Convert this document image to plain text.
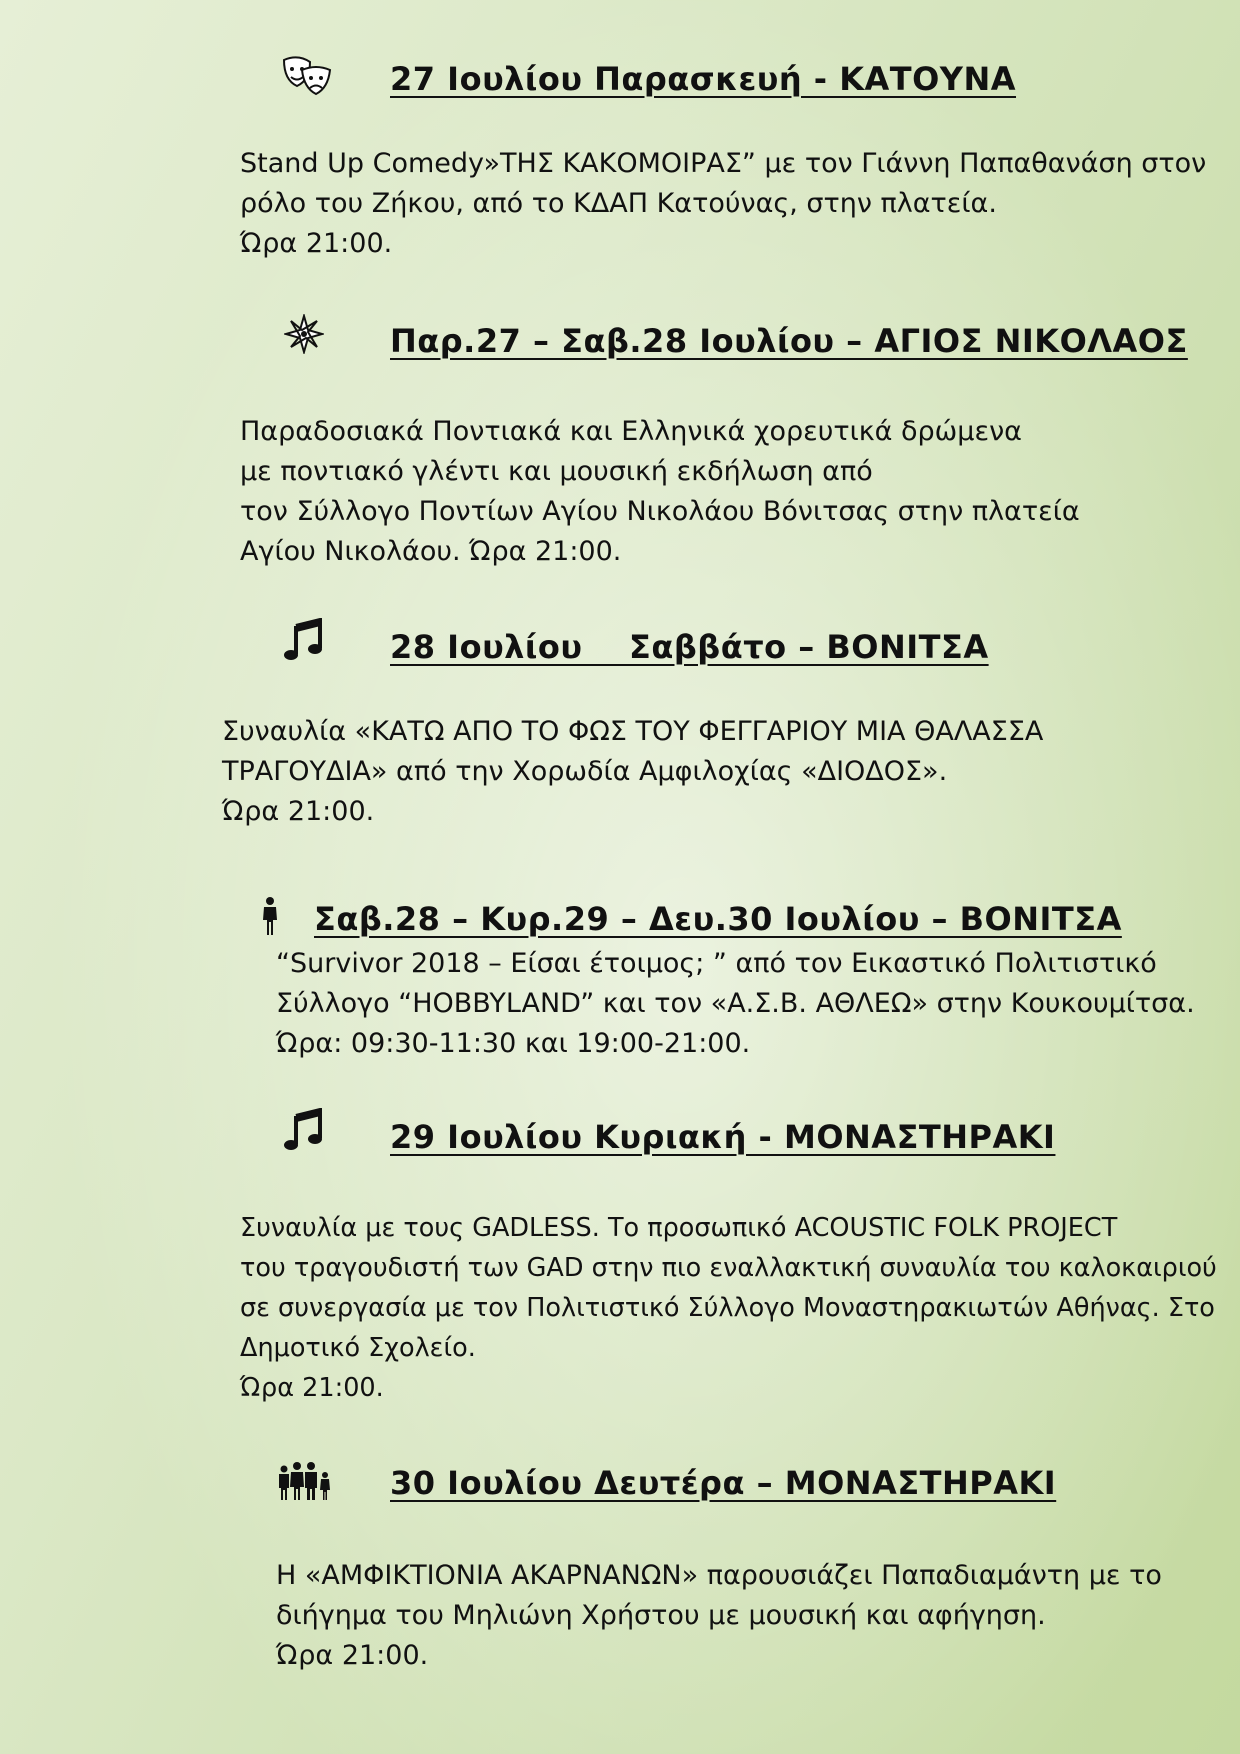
27 Ιουλίου Παρασκευή - ΚΑΤΟΥΝΑ

Stand Up Comedy»ΤΗΣ ΚΑΚΟΜΟΙΡΑΣ” με τον Γιάννη Παπαθανάση στον
ρόλο του Ζήκου, από το ΚΔΑΠ Κατούνας, στην πλατεία.
Ώρα 21:00.

Παρ.27 – Σαβ.28 Ιουλίου – ΑΓΙΟΣ ΝΙΚΟΛΑΟΣ

Παραδοσιακά Ποντιακά και Ελληνικά χορευτικά δρώμενα
με ποντιακό γλέντι και μουσική εκδήλωση από
τον Σύλλογο Ποντίων Αγίου Νικολάου Βόνιτσας στην πλατεία
Αγίου Νικολάου. Ώρα 21:00.

28 Ιουλίου    Σαββάτο – ΒΟΝΙΤΣΑ

Συναυλία «ΚΑΤΩ ΑΠΟ ΤΟ ΦΩΣ ΤΟΥ ΦΕΓΓΑΡΙΟΥ ΜΙΑ ΘΑΛΑΣΣΑ
ΤΡΑΓΟΥΔΙΑ» από την Χορωδία Αμφιλοχίας «ΔΙΟΔΟΣ».
Ώρα 21:00.

Σαβ.28 – Κυρ.29 – Δευ.30 Ιουλίου – ΒΟΝΙΤΣΑ

“Survivor 2018 – Είσαι έτοιμος; ” από τον Εικαστικό Πολιτιστικό
Σύλλογο “HOBBYLAND” και τον «Α.Σ.Β. ΑΘΛΕΩ» στην Κουκουμίτσα.
Ώρα: 09:30-11:30 και 19:00-21:00.

29 Ιουλίου Κυριακή - ΜΟΝΑΣΤΗΡΑΚΙ

Συναυλία με τους GADLESS. Το προσωπικό ACOUSTIC FOLK PROJECT
του τραγουδιστή των GAD στην πιο εναλλακτική συναυλία του καλοκαιριού
σε συνεργασία με τον Πολιτιστικό Σύλλογο Μοναστηρακιωτών Αθήνας. Στο
Δημοτικό Σχολείο.
Ώρα 21:00.

30 Ιουλίου Δευτέρα – ΜΟΝΑΣΤΗΡΑΚΙ

Η «ΑΜΦΙΚΤΙΟΝΙΑ ΑΚΑΡΝΑΝΩΝ» παρουσιάζει Παπαδιαμάντη με το
διήγημα του Μηλιώνη Χρήστου με μουσική και αφήγηση.
Ώρα 21:00.
